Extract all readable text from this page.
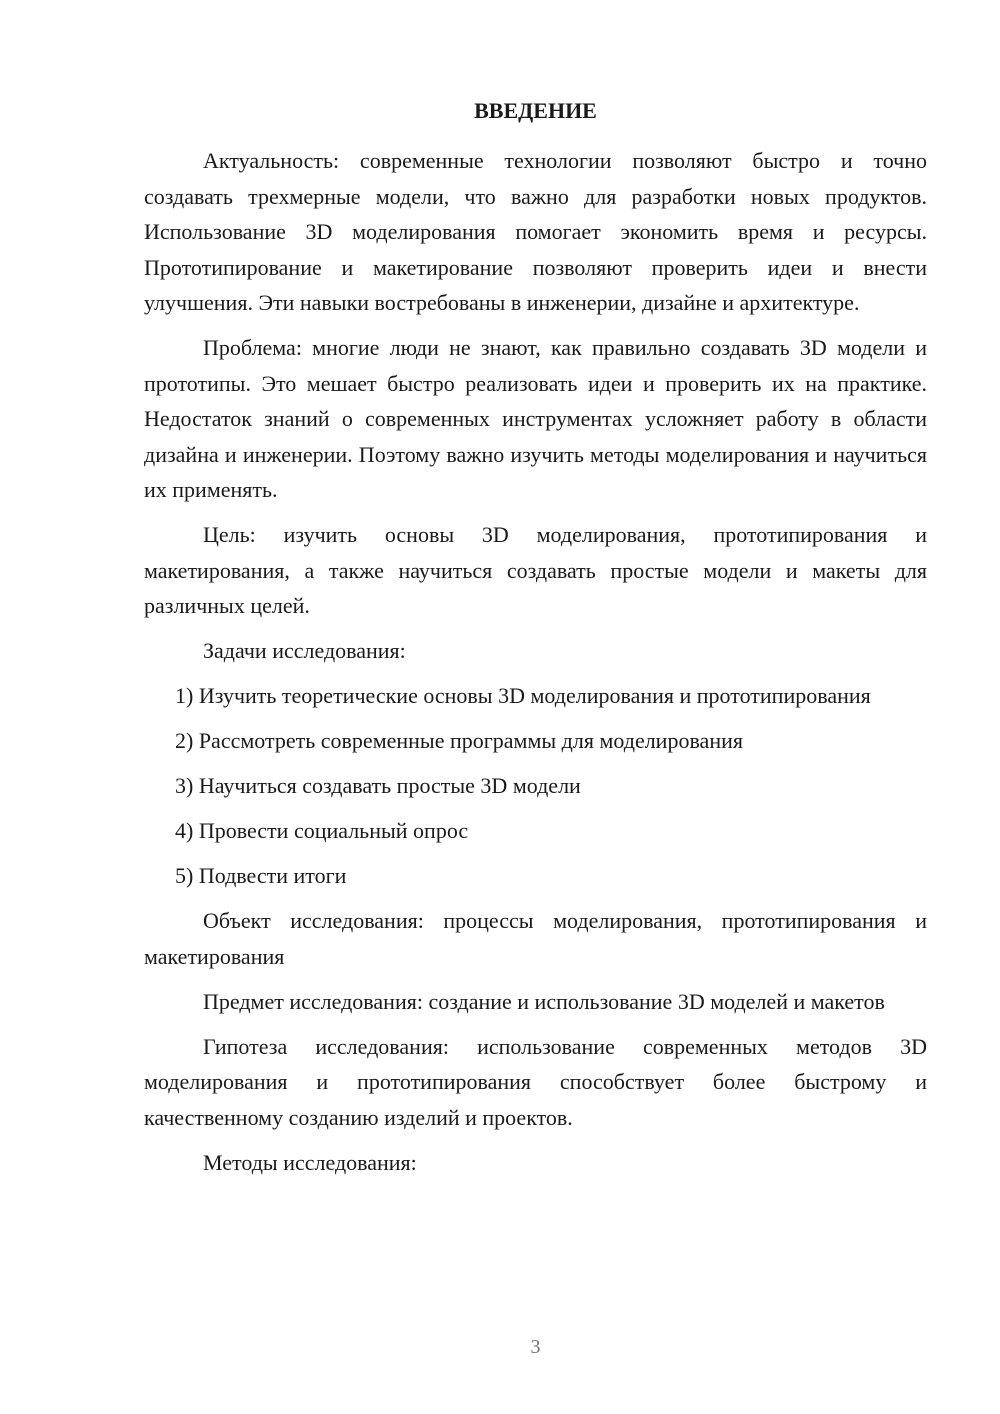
ВВЕДЕНИЕ

Актуальность: современные технологии позволяют быстро и точно создавать трехмерные модели, что важно для разработки новых продуктов. Использование 3D моделирования помогает экономить время и ресурсы. Прототипирование и макетирование позволяют проверить идеи и внести улучшения. Эти навыки востребованы в инженерии, дизайне и архитектуре.

Проблема: многие люди не знают, как правильно создавать 3D модели и прототипы. Это мешает быстро реализовать идеи и проверить их на практике. Недостаток знаний о современных инструментах усложняет работу в области дизайна и инженерии. Поэтому важно изучить методы моделирования и научиться их применять.

Цель: изучить основы 3D моделирования, прототипирования и макетирования, а также научиться создавать простые модели и макеты для различных целей.

Задачи исследования:

1) Изучить теоретические основы 3D моделирования и прототипирования

2) Рассмотреть современные программы для моделирования

3) Научиться создавать простые 3D модели

4) Провести социальный опрос

5) Подвести итоги

Объект исследования: процессы моделирования, прототипирования и макетирования

Предмет исследования: создание и использование 3D моделей и макетов

Гипотеза исследования: использование современных методов 3D моделирования и прототипирования способствует более быстрому и качественному созданию изделий и проектов.

Методы исследования:

3
